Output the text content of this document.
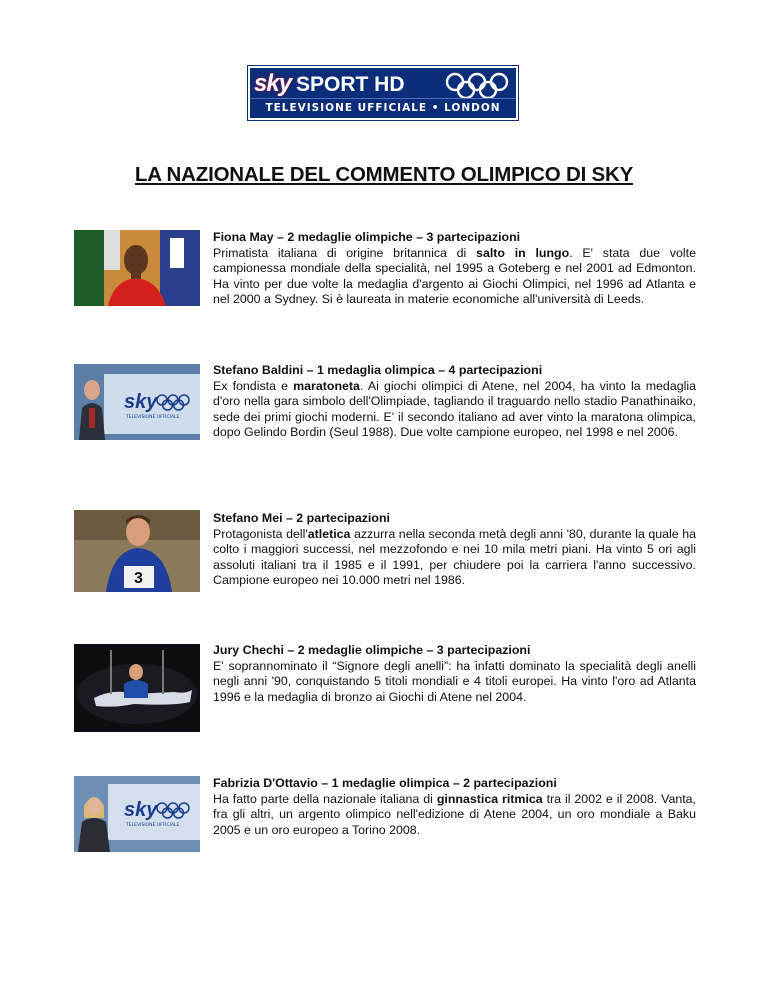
sky SPORT HD
TELEVISIONE UFFICIALE • LONDON 2012
LA NAZIONALE DEL COMMENTO OLIMPICO DI SKY
Fiona May – 2 medaglie olimpiche – 3 partecipazioni
Primatista italiana di origine britannica di salto in lungo. E' stata due volte campionessa mondiale della specialità, nel 1995 a Goteberg e nel 2001 ad Edmonton. Ha vinto per due volte la medaglia d'argento ai Giochi Olimpici, nel 1996 ad Atlanta e nel 2000 a Sydney. Si è laureata in materie economiche all'università di Leeds.
sky
TELEVISIONE UFFICIALE
Stefano Baldini – 1 medaglia olimpica – 4 partecipazioni
Ex fondista e maratoneta. Ai giochi olimpici di Atene, nel 2004, ha vinto la medaglia d'oro nella gara simbolo dell'Olimpiade, tagliando il traguardo nello stadio Panathinaiko, sede dei primi giochi moderni. E' il secondo italiano ad aver vinto la maratona olimpica, dopo Gelindo Bordin (Seul 1988). Due volte campione europeo, nel 1998 e nel 2006.
3
Stefano Mei – 2 partecipazioni
Protagonista dell'atletica azzurra nella seconda metà degli anni '80, durante la quale ha colto i maggiori successi, nel mezzofondo e nei 10 mila metri piani. Ha vinto 5 ori agli assoluti italiani tra il 1985 e il 1991, per chiudere poi la carriera l'anno successivo. Campione europeo nei 10.000 metri nel 1986.
Jury Chechi – 2 medaglie olimpiche – 3 partecipazioni
E' soprannominato il “Signore degli anelli”: ha infatti dominato la specialità degli anelli negli anni '90, conquistando 5 titoli mondiali e 4 titoli europei. Ha vinto l'oro ad Atlanta 1996 e la medaglia di bronzo ai Giochi di Atene nel 2004.
sky
TELEVISIONE UFFICIALE
Fabrizia D'Ottavio – 1 medaglie olimpica – 2 partecipazioni
Ha fatto parte della nazionale italiana di ginnastica ritmica tra il 2002 e il 2008. Vanta, fra gli altri, un argento olimpico nell'edizione di Atene 2004, un oro mondiale a Baku 2005 e un oro europeo a Torino 2008.
